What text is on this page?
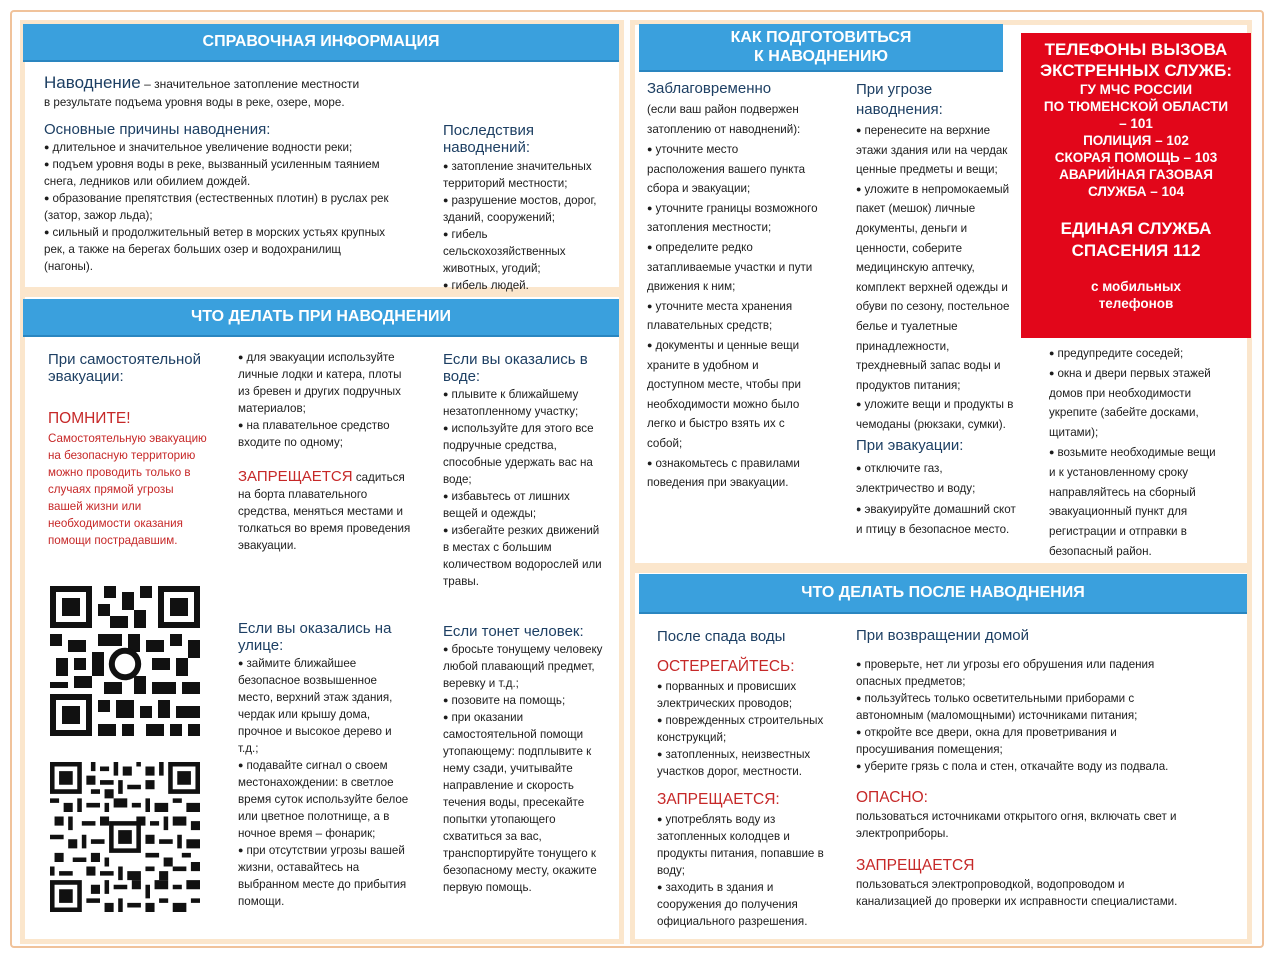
СПРАВОЧНАЯ ИНФОРМАЦИЯ
Наводнение – значительное затопление местности
в результате подъема уровня воды в реке, озере, море.
Основные причины наводнения:
● длительное и значительное увеличение водности реки;
● подъем уровня воды в реке, вызванный усиленным таянием снега, ледников или обилием дождей.
● образование препятствия (естественных плотин) в руслах рек (затор, зажор льда);
● сильный и продолжительный ветер в морских устьях крупных рек, а также на берегах больших озер и водохранилищ (нагоны).
Последствия наводнений:
● затопление значительных территорий местности;
● разрушение мостов, дорог, зданий, сооружений;
● гибель сельскохозяйственных животных, угодий;
● гибель людей.
ЧТО ДЕЛАТЬ ПРИ НАВОДНЕНИИ
При самостоятельной эвакуации:
ПОМНИТЕ!
Самостоятельную эвакуацию на безопасную территорию можно проводить только в случаях прямой угрозы вашей жизни или необходимости оказания помощи пострадавшим.
● для эвакуации используйте личные лодки и катера, плоты из бревен и других подручных материалов;
● на плавательное средство входите по одному;
ЗАПРЕЩАЕТСЯ садиться на борта плавательного средства, меняться местами и толкаться во время проведения эвакуации.
Если вы оказались в воде:
● плывите к ближайшему незатопленному участку;
● используйте для этого все подручные средства, способные удержать вас на воде;
● избавьтесь от лишних вещей и одежды;
● избегайте резких движений в местах с большим количеством водорослей или травы.
Если вы оказались на улице:
● займите ближайшее безопасное возвышенное место, верхний этаж здания, чердак или крышу дома, прочное и высокое дерево и т.д.;
● подавайте сигнал о своем местонахождении: в светлое время суток используйте белое или цветное полотнище, а в ночное время – фонарик;
● при отсутствии угрозы вашей жизни, оставайтесь на выбранном месте до прибытия помощи.
Если тонет человек:
● бросьте тонущему человеку любой плавающий предмет, веревку и т.д.;
● позовите на помощь;
● при оказании самостоятельной помощи утопающему: подплывите к нему сзади, учитывайте направление и скорость течения воды, пресекайте попытки утопающего схватиться за вас, транспортируйте тонущего к безопасному месту, окажите первую помощь.
КАК ПОДГОТОВИТЬСЯ
К НАВОДНЕНИЮ
Заблаговременно
(если ваш район подвержен затоплению от наводнений):
● уточните место расположения вашего пункта сбора и эвакуации;
● уточните границы возможного затопления местности;
● определите редко затапливаемые участки и пути движения к ним;
● уточните места хранения плавательных средств;
● документы и ценные вещи храните в удобном и доступном месте, чтобы при необходимости можно было легко и быстро взять их с собой;
● ознакомьтесь с правилами поведения при эвакуации.
При угрозе наводнения:
● перенесите на верхние этажи здания или на чердак ценные предметы и вещи;
● уложите в непромокаемый пакет (мешок) личные документы, деньги и ценности, соберите медицинскую аптечку, комплект верхней одежды и обуви по сезону, постельное белье и туалетные принадлежности, трехдневный запас воды и продуктов питания;
● уложите вещи и продукты в чемоданы (рюкзаки, сумки).
При эвакуации:
● отключите газ, электричество и воду;
● эвакуируйте домашний скот и птицу в безопасное место.
● предупредите соседей;
● окна и двери первых этажей домов при необходимости укрепите (забейте досками, щитами);
● возьмите необходимые вещи и к установленному сроку направляйтесь на сборный эвакуационный пункт для регистрации и отправки в безопасный район.
ТЕЛЕФОНЫ ВЫЗОВА ЭКСТРЕННЫХ СЛУЖБ:
ГУ МЧС РОССИИ
ПО ТЮМЕНСКОЙ ОБЛАСТИ
– 101
ПОЛИЦИЯ – 102
СКОРАЯ ПОМОЩЬ – 103
АВАРИЙНАЯ ГАЗОВАЯ
СЛУЖБА – 104
ЕДИНАЯ СЛУЖБА СПАСЕНИЯ 112
с мобильных телефонов
ЧТО ДЕЛАТЬ ПОСЛЕ НАВОДНЕНИЯ
После спада воды
ОСТЕРЕГАЙТЕСЬ:
● порванных и провисших электрических проводов;
● поврежденных строительных конструкций;
● затопленных, неизвестных участков дорог, местности.
ЗАПРЕЩАЕТСЯ:
● употреблять воду из затопленных колодцев и продукты питания, попавшие в воду;
● заходить в здания и сооружения до получения официального разрешения.
При возвращении домой
● проверьте, нет ли угрозы его обрушения или падения опасных предметов;
● пользуйтесь только осветительными приборами с автономным (маломощными) источниками питания;
● откройте все двери, окна для проветривания и просушивания помещения;
● уберите грязь с пола и стен, откачайте воду из подвала.
ОПАСНО:
пользоваться источниками открытого огня, включать свет и электроприборы.
ЗАПРЕЩАЕТСЯ
пользоваться электропроводкой, водопроводом и канализацией до проверки их исправности специалистами.
